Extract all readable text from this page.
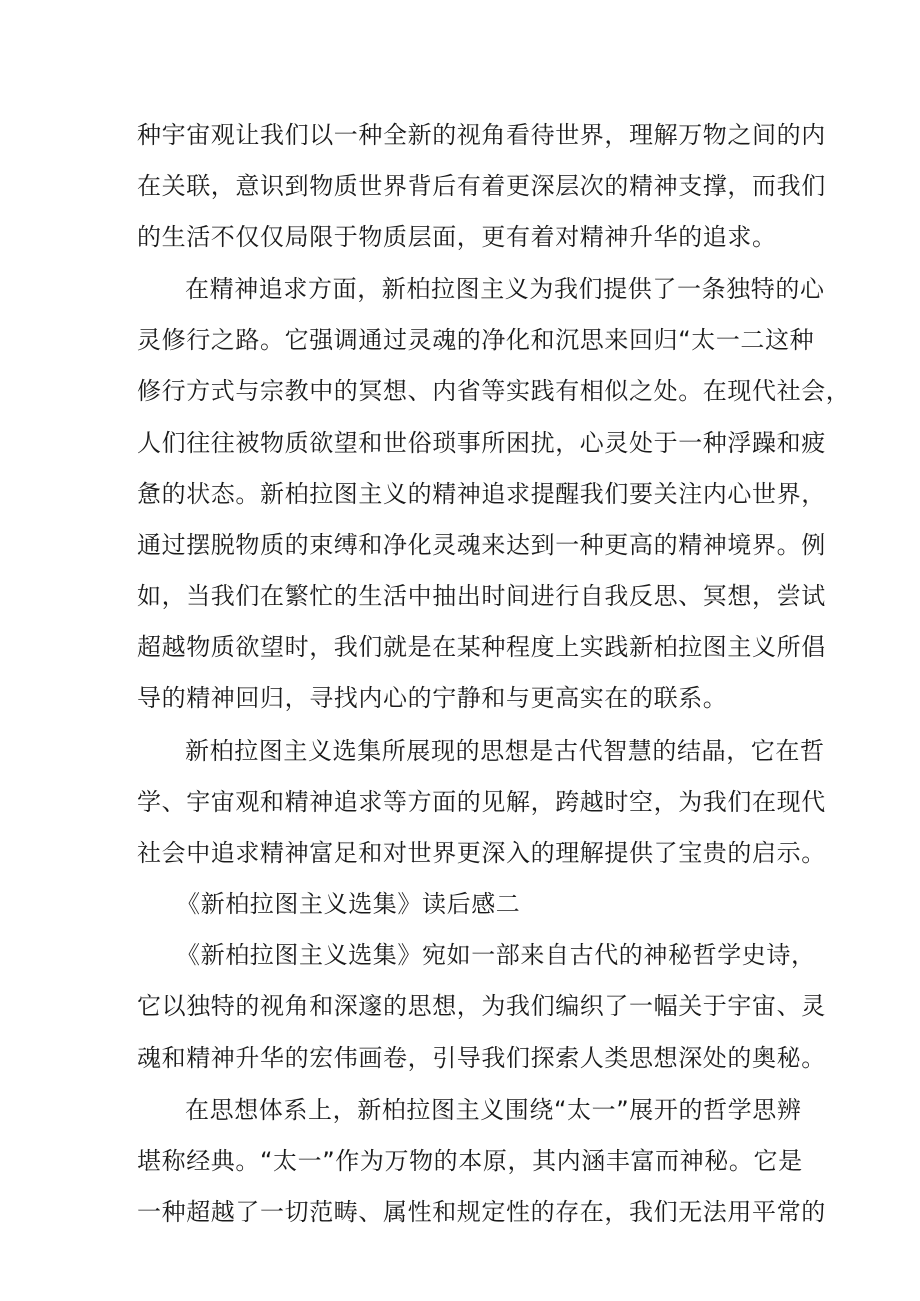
种宇宙观让我们以一种全新的视角看待世界，理解万物之间的内
在关联，意识到物质世界背后有着更深层次的精神支撑，而我们
的生活不仅仅局限于物质层面，更有着对精神升华的追求。
在精神追求方面，新柏拉图主义为我们提供了一条独特的心
灵修行之路。它强调通过灵魂的净化和沉思来回归“太一二这种
修行方式与宗教中的冥想、内省等实践有相似之处。在现代社会，
人们往往被物质欲望和世俗琐事所困扰，心灵处于一种浮躁和疲
惫的状态。新柏拉图主义的精神追求提醒我们要关注内心世界，
通过摆脱物质的束缚和净化灵魂来达到一种更高的精神境界。例
如，当我们在繁忙的生活中抽出时间进行自我反思、冥想，尝试
超越物质欲望时，我们就是在某种程度上实践新柏拉图主义所倡
导的精神回归，寻找内心的宁静和与更高实在的联系。
新柏拉图主义选集所展现的思想是古代智慧的结晶，它在哲
学、宇宙观和精神追求等方面的见解，跨越时空，为我们在现代
社会中追求精神富足和对世界更深入的理解提供了宝贵的启示。
《新柏拉图主义选集》读后感二
《新柏拉图主义选集》宛如一部来自古代的神秘哲学史诗，
它以独特的视角和深邃的思想，为我们编织了一幅关于宇宙、灵
魂和精神升华的宏伟画卷，引导我们探索人类思想深处的奥秘。
在思想体系上，新柏拉图主义围绕“太一”展开的哲学思辨
堪称经典。“太一”作为万物的本原，其内涵丰富而神秘。它是
一种超越了一切范畴、属性和规定性的存在，我们无法用平常的
